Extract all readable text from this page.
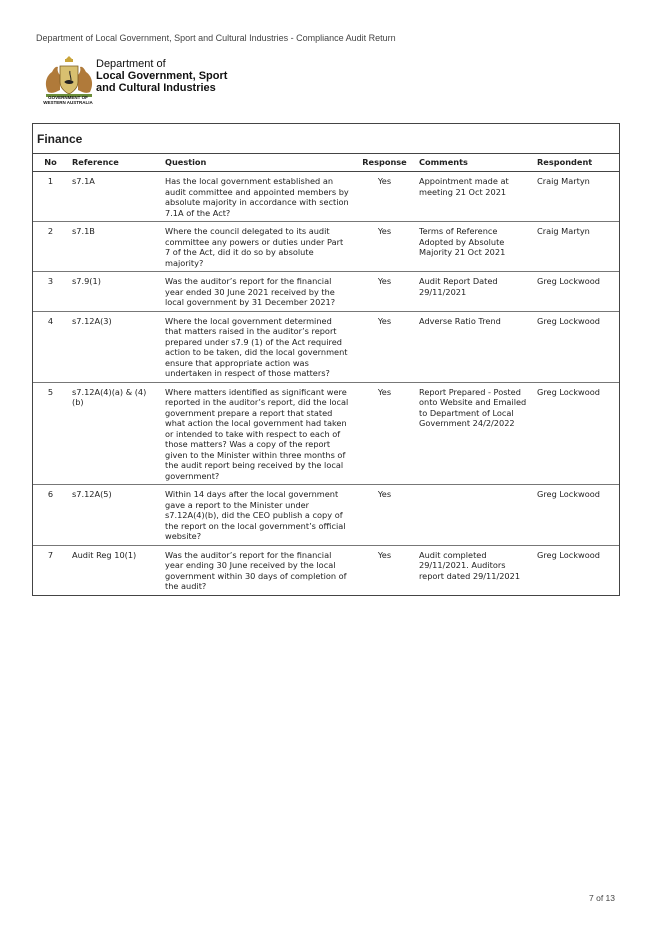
Department of Local Government, Sport and Cultural Industries - Compliance Audit Return
GOVERNMENT OF
WESTERN AUSTRALIA
Department of
Local Government, Sport
and Cultural Industries
Finance
No	Reference	Question	Response	Comments	Respondent
1	s7.1A	Has the local government established an audit committee and appointed members by absolute majority in accordance with section 7.1A of the Act?	Yes	Appointment made at meeting 21 Oct 2021	Craig Martyn
2	s7.1B	Where the council delegated to its audit committee any powers or duties under Part 7 of the Act, did it do so by absolute majority?	Yes	Terms of Reference Adopted by Absolute Majority 21 Oct 2021	Craig Martyn
3	s7.9(1)	Was the auditor’s report for the financial year ended 30 June 2021 received by the local government by 31 December 2021?	Yes	Audit Report Dated 29/11/2021	Greg Lockwood
4	s7.12A(3)	Where the local government determined that matters raised in the auditor’s report prepared under s7.9 (1) of the Act required action to be taken, did the local government ensure that appropriate action was undertaken in respect of those matters?	Yes	Adverse Ratio Trend	Greg Lockwood
5	s7.12A(4)(a) & (4)(b)	Where matters identified as significant were reported in the auditor’s report, did the local government prepare a report that stated what action the local government had taken or intended to take with respect to each of those matters? Was a copy of the report given to the Minister within three months of the audit report being received by the local government?	Yes	Report Prepared - Posted onto Website and Emailed to Department of Local Government 24/2/2022	Greg Lockwood
6	s7.12A(5)	Within 14 days after the local government gave a report to the Minister under s7.12A(4)(b), did the CEO publish a copy of the report on the local government’s official website?	Yes		Greg Lockwood
7	Audit Reg 10(1)	Was the auditor’s report for the financial year ending 30 June received by the local government within 30 days of completion of the audit?	Yes	Audit completed 29/11/2021. Auditors report dated 29/11/2021	Greg Lockwood
7 of 13
